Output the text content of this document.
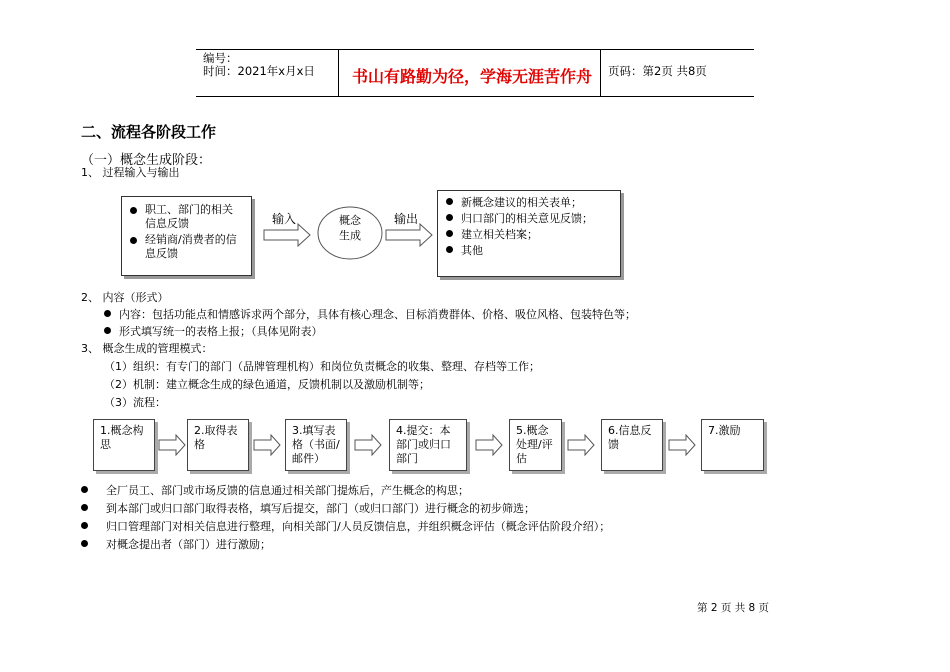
编号：
时间：2021年x月x日 书山有路勤为径，学海无涯苦作舟 页码：第2页 共8页
二、流程各阶段工作
（一）概念生成阶段：
1、 过程输入与输出
职工、部门的相关信息反馈
经销商/消费者的信息反馈
输入	概念生成
输出
新概念建议的相关表单；
归口部门的相关意见反馈；
建立相关档案；
其他
2、 内容（形式）
内容：包括功能点和情感诉求两个部分，具体有核心理念、目标消费群体、价格、吸位风格、包装特色等；
形式填写统一的表格上报；（具体见附表）
3、 概念生成的管理模式：
（1）组织：有专门的部门（品牌管理机构）和岗位负责概念的收集、整理、存档等工作；
（2）机制：建立概念生成的绿色通道，反馈机制以及激励机制等；
（3）流程：
1.概念构思
2.取得表格
3.填写表格（书面/邮件）
4.提交：本部门或归口部门
5.概念处理/评估
6.信息反馈
7.激励
全厂员工、部门或市场反馈的信息通过相关部门提炼后，产生概念的构思；
到本部门或归口部门取得表格，填写后提交，部门（或归口部门）进行概念的初步筛选；
归口管理部门对相关信息进行整理，向相关部门/人员反馈信息，并组织概念评估（概念评估阶段介绍）；
对概念提出者（部门）进行激励；
第 2 页 共 8 页
